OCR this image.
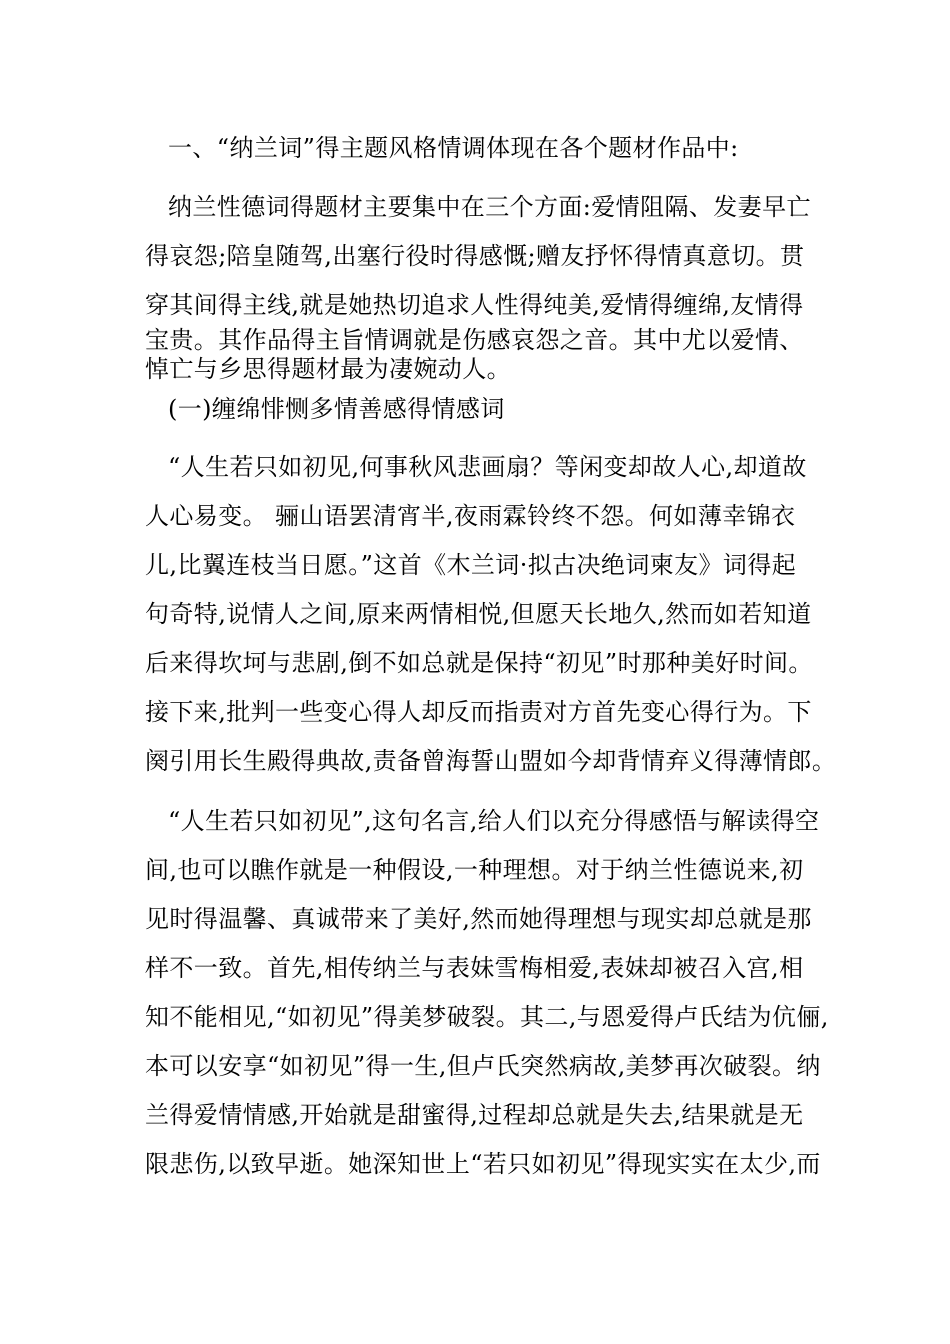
一、“纳兰词”得主题风格情调体现在各个题材作品中:
纳兰性德词得题材主要集中在三个方面:爱情阻隔、发妻早亡
得哀怨;陪皇随驾,出塞行役时得感慨;赠友抒怀得情真意切。贯
穿其间得主线,就是她热切追求人性得纯美,爱情得缠绵,友情得
宝贵。其作品得主旨情调就是伤感哀怨之音。其中尤以爱情、
悼亡与乡思得题材最为凄婉动人。
(一)缠绵悱恻多情善感得情感词
“人生若只如初见,何事秋风悲画扇？等闲变却故人心,却道故
人心易变。 骊山语罢清宵半,夜雨霖铃终不怨。何如薄幸锦衣
儿,比翼连枝当日愿。”这首《木兰词·拟古决绝词柬友》词得起
句奇特,说情人之间,原来两情相悦,但愿天长地久,然而如若知道
后来得坎坷与悲剧,倒不如总就是保持“初见”时那种美好时间。
接下来,批判一些变心得人却反而指责对方首先变心得行为。下
阕引用长生殿得典故,责备曾海誓山盟如今却背情弃义得薄情郎。
“人生若只如初见”,这句名言,给人们以充分得感悟与解读得空
间,也可以瞧作就是一种假设,一种理想。对于纳兰性德说来,初
见时得温馨、真诚带来了美好,然而她得理想与现实却总就是那
样不一致。首先,相传纳兰与表妹雪梅相爱,表妹却被召入宫,相
知不能相见,“如初见”得美梦破裂。其二,与恩爱得卢氏结为伉俪,
本可以安享“如初见”得一生,但卢氏突然病故,美梦再次破裂。纳
兰得爱情情感,开始就是甜蜜得,过程却总就是失去,结果就是无
限悲伤,以致早逝。她深知世上“若只如初见”得现实实在太少,而
